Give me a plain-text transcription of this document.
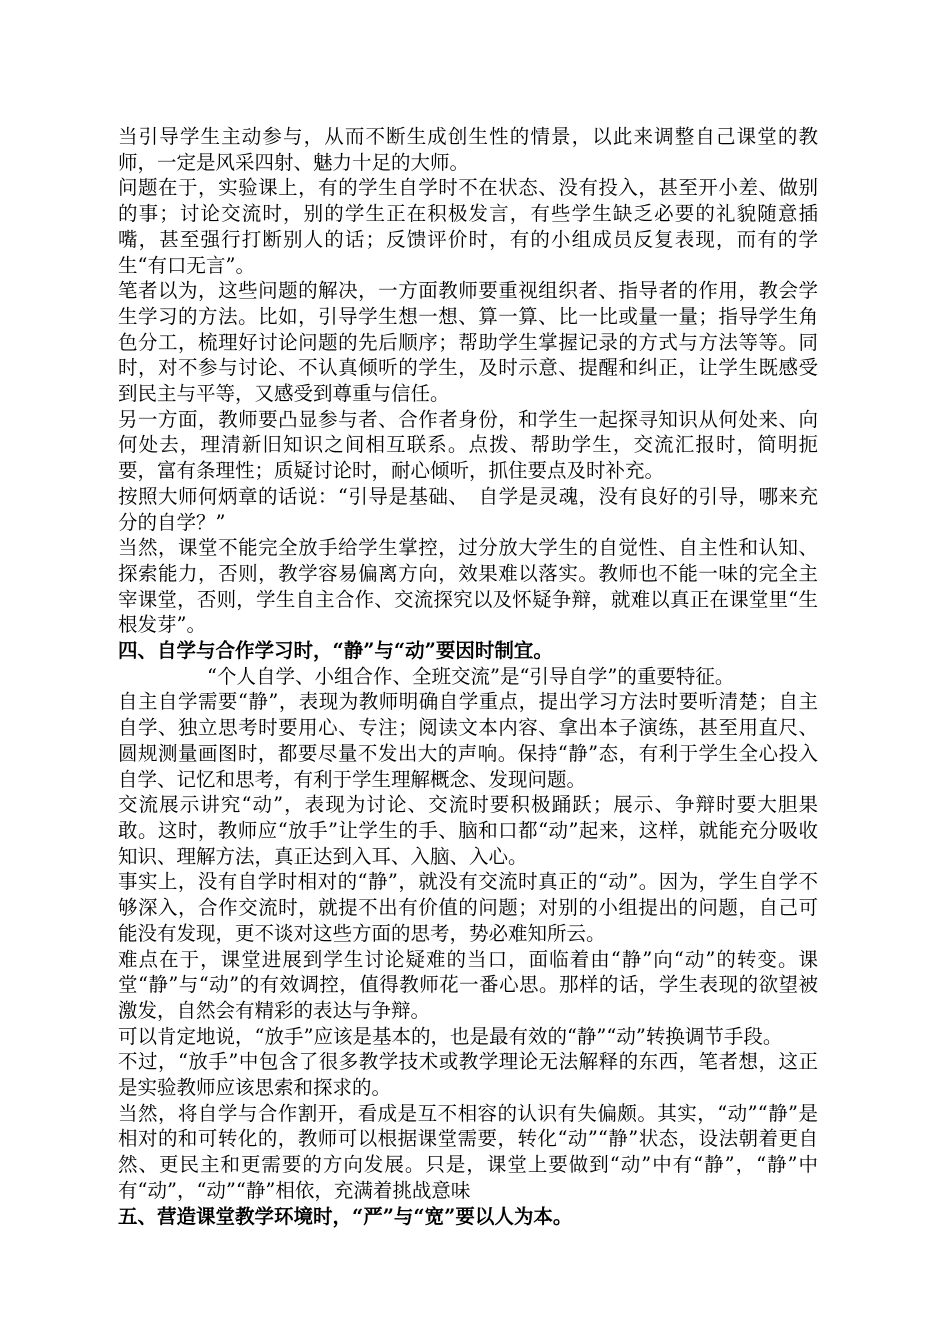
当引导学生主动参与，从而不断生成创生性的情景，以此来调整自己课堂的教师，一定是风采四射、魅力十足的大师。

问题在于，实验课上，有的学生自学时不在状态、没有投入，甚至开小差、做别的事；讨论交流时，别的学生正在积极发言，有些学生缺乏必要的礼貌随意插嘴，甚至强行打断别人的话；反馈评价时，有的小组成员反复表现，而有的学生“有口无言”。

笔者以为，这些问题的解决，一方面教师要重视组织者、指导者的作用，教会学生学习的方法。比如，引导学生想一想、算一算、比一比或量一量；指导学生角色分工，梳理好讨论问题的先后顺序；帮助学生掌握记录的方式与方法等等。同时，对不参与讨论、不认真倾听的学生，及时示意、提醒和纠正，让学生既感受到民主与平等，又感受到尊重与信任。

另一方面，教师要凸显参与者、合作者身份，和学生一起探寻知识从何处来、向何处去，理清新旧知识之间相互联系。点拨、帮助学生，交流汇报时，简明扼要，富有条理性；质疑讨论时，耐心倾听，抓住要点及时补充。

按照大师何炳章的话说：“引导是基础、　自学是灵魂，没有良好的引导，哪来充分的自学？”

当然，课堂不能完全放手给学生掌控，过分放大学生的自觉性、自主性和认知、探索能力，否则，教学容易偏离方向，效果难以落实。教师也不能一味的完全主宰课堂，否则，学生自主合作、交流探究以及怀疑争辩，就难以真正在课堂里“生根发芽”。

四、自学与合作学习时，“静”与“动”要因时制宜。

“个人自学、小组合作、全班交流”是“引导自学”的重要特征。

自主自学需要“静”，表现为教师明确自学重点，提出学习方法时要听清楚；自主自学、独立思考时要用心、专注；阅读文本内容、拿出本子演练，甚至用直尺、圆规测量画图时，都要尽量不发出大的声响。保持“静”态，有利于学生全心投入自学、记忆和思考，有利于学生理解概念、发现问题。

交流展示讲究“动”，表现为讨论、交流时要积极踊跃；展示、争辩时要大胆果敢。这时，教师应“放手”让学生的手、脑和口都“动”起来，这样，就能充分吸收知识、理解方法，真正达到入耳、入脑、入心。

事实上，没有自学时相对的“静”，就没有交流时真正的“动”。因为，学生自学不够深入，合作交流时，就提不出有价值的问题；对别的小组提出的问题，自己可能没有发现，更不谈对这些方面的思考，势必难知所云。

难点在于，课堂进展到学生讨论疑难的当口，面临着由“静”向“动”的转变。课堂“静”与“动”的有效调控，值得教师花一番心思。那样的话，学生表现的欲望被激发，自然会有精彩的表达与争辩。

可以肯定地说，“放手”应该是基本的，也是最有效的“静”“动”转换调节手段。

不过，“放手”中包含了很多教学技术或教学理论无法解释的东西，笔者想，这正是实验教师应该思索和探求的。

当然，将自学与合作割开，看成是互不相容的认识有失偏颇。其实，“动”“静”是相对的和可转化的，教师可以根据课堂需要，转化“动”“静”状态，设法朝着更自然、更民主和更需要的方向发展。只是，课堂上要做到“动”中有“静”，“静”中有“动”，“动”“静”相依，充满着挑战意味

五、营造课堂教学环境时，“严”与“宽”要以人为本。
